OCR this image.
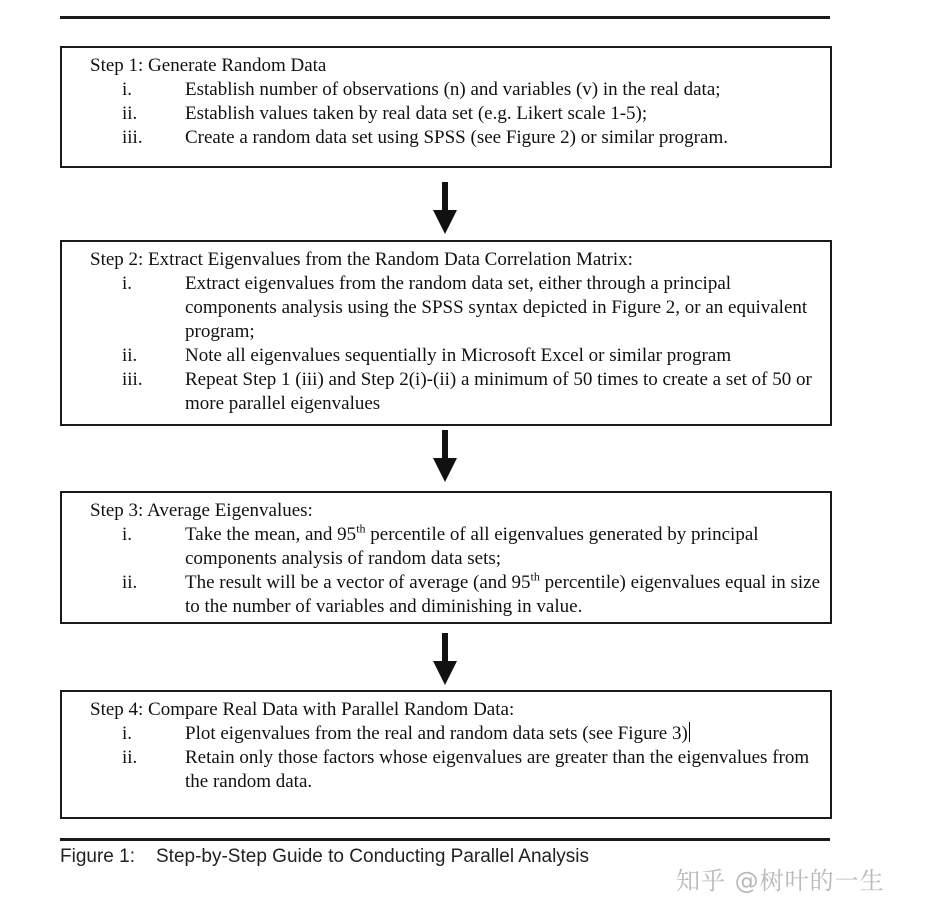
Step 1: Generate Random Data
i.	Establish number of observations (n) and variables (v) in the real data;
ii.	Establish values taken by real data set (e.g. Likert scale 1-5);
iii.	Create a random data set using SPSS (see Figure 2) or similar program.
Step 2: Extract Eigenvalues from the Random Data Correlation Matrix:
i.	Extract eigenvalues from the random data set, either through a principal components analysis using the SPSS syntax depicted in Figure 2, or an equivalent program;
ii.	Note all eigenvalues sequentially in Microsoft Excel or similar program
iii.	Repeat Step 1 (iii) and Step 2(i)-(ii) a minimum of 50 times to create a set of 50 or more parallel eigenvalues
Step 3: Average Eigenvalues:
i.	Take the mean, and 95th percentile of all eigenvalues generated by principal components analysis of random data sets;
ii.	The result will be a vector of average (and 95th percentile) eigenvalues equal in size to the number of variables and diminishing in value.
Step 4: Compare Real Data with Parallel Random Data:
i.	Plot eigenvalues from the real and random data sets (see Figure 3)
ii.	Retain only those factors whose eigenvalues are greater than the eigenvalues from the random data.
Figure 1: Step-by-Step Guide to Conducting Parallel Analysis
知乎 @树叶的一生
